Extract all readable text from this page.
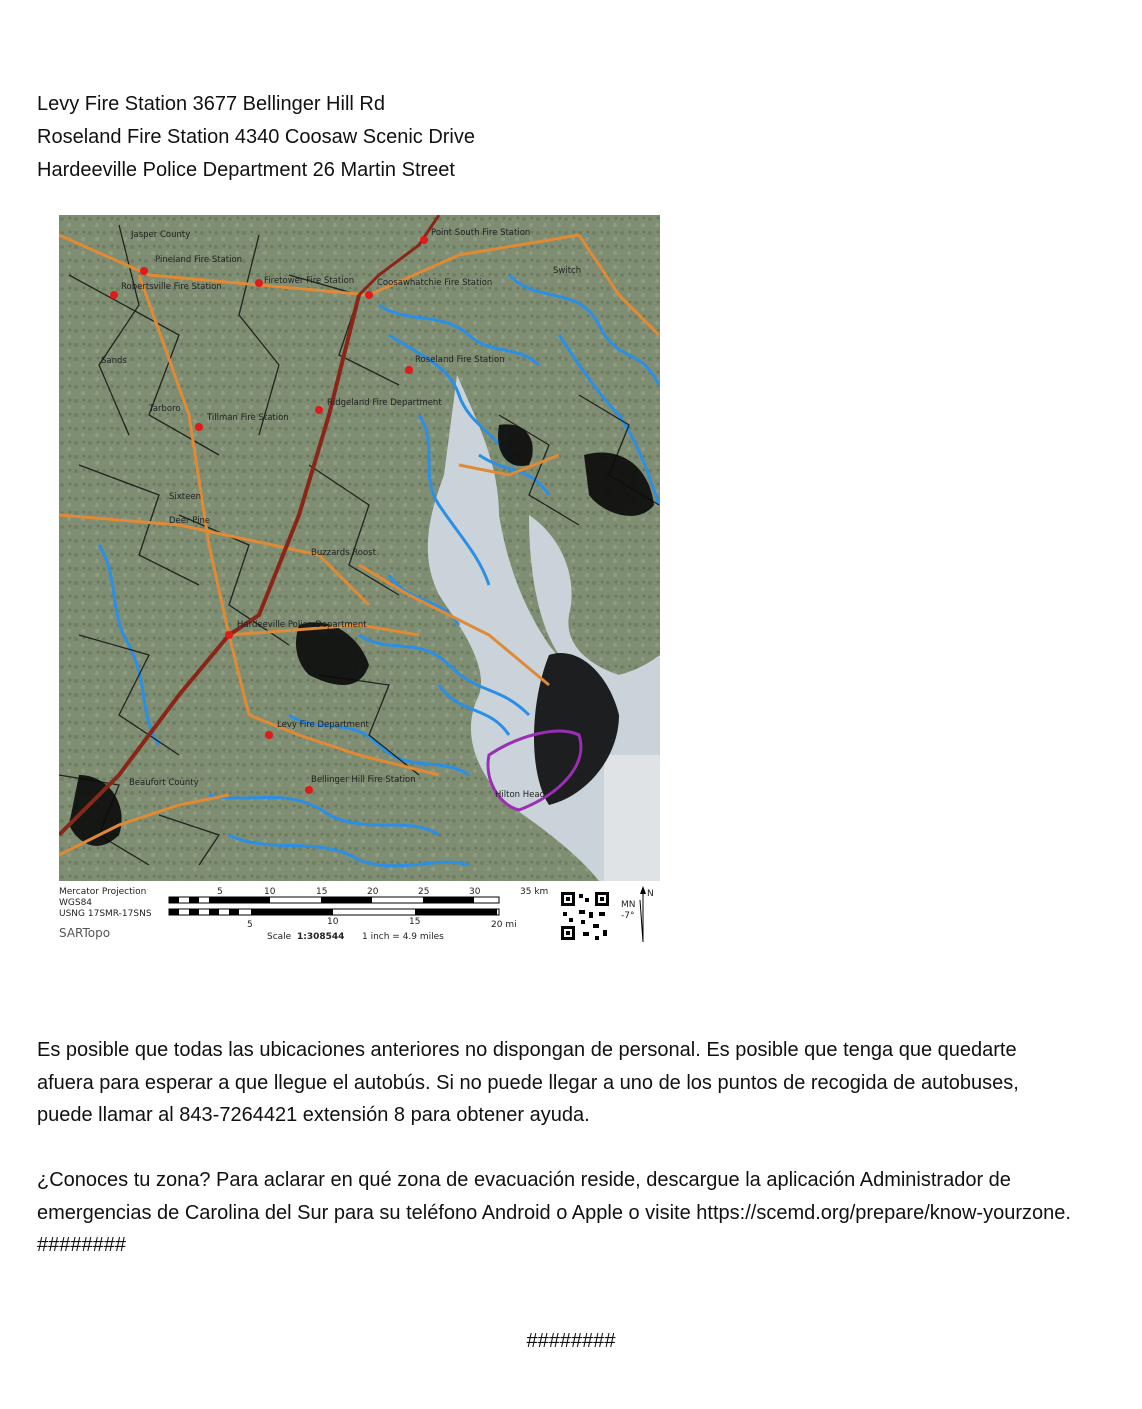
Levy Fire Station 3677 Bellinger Hill Rd
Roseland Fire Station 4340 Coosaw Scenic Drive
Hardeeville Police Department 26 Martin Street
Jasper County
Pineland Fire Station
Robertsville Fire Station
Firetower Fire Station	Coosawhatchie Fire Station
Point South Fire Station
Roseland Fire Station
Ridgeland Fire Department
Tillman Fire Station
Hardeeville Police Department
Levy Fire Department
Bellinger Hill Fire Station
Beaufort County
Buzzards Roost
Sands
Tarboro
Sixteen
Deer Pine
Switch
Hilton Head
Mercator Projection
WGS84
USNG 17SMR-17SNS
SARTopo
5	10	15	20	25	30	35 km
5	10	15	20 mi
Scale 1:308544 1 inch = 4.9 miles
MN
N
-7°
Es posible que todas las ubicaciones anteriores no dispongan de personal. Es posible que tenga que quedarte afuera para esperar a que llegue el autobús. Si no puede llegar a uno de los puntos de recogida de autobuses, puede llamar al 843-7264421 extensión 8 para obtener ayuda.
¿Conoces tu zona? Para aclarar en qué zona de evacuación reside, descargue la aplicación Administrador de emergencias de Carolina del Sur para su teléfono Android o Apple o visite https://scemd.org/prepare/know-yourzone. ########
########
